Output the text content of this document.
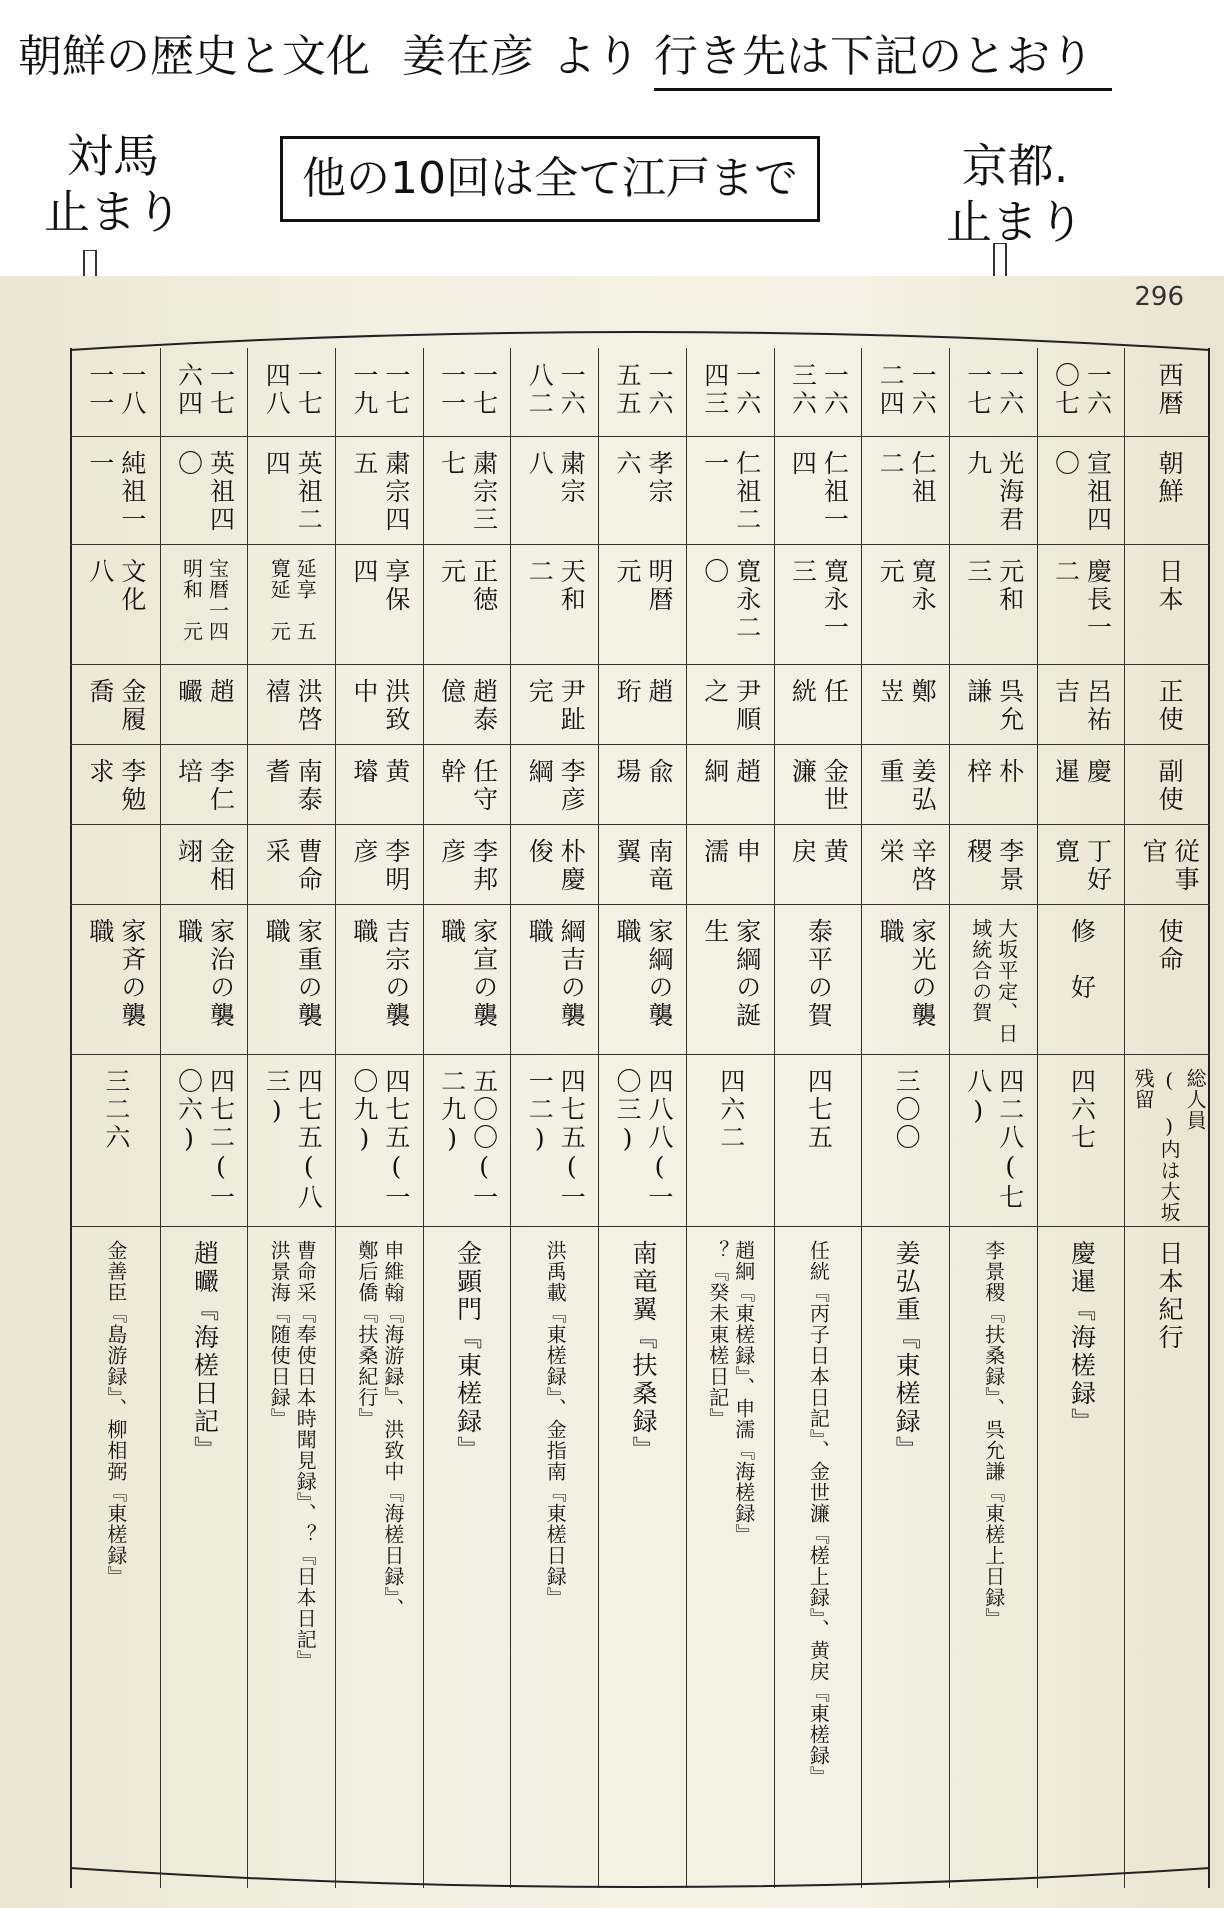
朝鮮の歴史と文化 姜在彦 より 行き先は下記のとおり
対馬
止まり
他の10回は全て江戸まで	京都.
止まり
296
西暦
朝鮮
日本
正使
副使
従事官
使命
総人員
(　)内は大坂残留
日本紀行
一六〇七
宣祖四〇
慶長一二
呂祐吉
慶　暹
丁好寛
修　好
四六七
慶暹『海槎録』
一六一七
光海君九
元和　三
呉允謙
朴　梓
李景稷
大坂平定、日
域統合の賀
四二八(七八)
李景稷『扶桑録』、呉允謙『東槎上日録』
一六二四
仁祖　二
寛永　元
鄭　岦
姜弘重
辛啓栄
家光の襲職
三〇〇
姜弘重『東槎録』
一六三六
仁祖一四
寛永一三
任　絖
金世濂
黄　戻
泰平の賀
四七五
任絖『丙子日本日記』、金世濂『槎上録』、黄戻『東槎録』
一六四三
仁祖二一
寛永二〇
尹順之
趙　絅
申　濡
家綱の誕生
四六二
趙絅『東槎録』、申濡『海槎録』
？『癸未東槎日記』
一六五五
孝宗　六
明暦　元
趙　珩
兪　瑒
南竜翼
家綱の襲職
四八八(一〇三)
南竜翼『扶桑録』
一六八二
粛宗　八
天和　二
尹趾完
李彦綱
朴慶俊
綱吉の襲職
四七五(一一二)
洪禹載『東槎録』、金指南『東槎日録』
一七一一
粛宗三七
正徳　元
趙泰億
任守幹
李邦彦
家宣の襲職
五〇〇(一二九)
金顕門『東槎録』
一七一九
粛宗四五
享保　四
洪致中
黄　璿
李明彦
吉宗の襲職
四七五(一〇九)
申維翰『海游録』、洪致中『海槎日録』、
鄭后僑『扶桑紀行』
一七四八
英祖二四
延享　五
寛延　元
洪啓禧
南泰耆
曹命采
家重の襲職
四七五(八三)
曹命采『奉使日本時聞見録』、？『日本日記』
洪景海『随使日録』
一七六四
英祖四〇
宝暦一四
明和　元
趙　曮
李仁培
金相翊
家治の襲職
四七二(一〇六)
趙曮『海槎日記』
一八一一
純祖一一
文化　八
金履喬
李勉求
家斉の襲職
三二六
金善臣『島游録』、柳相弼『東槎録』
